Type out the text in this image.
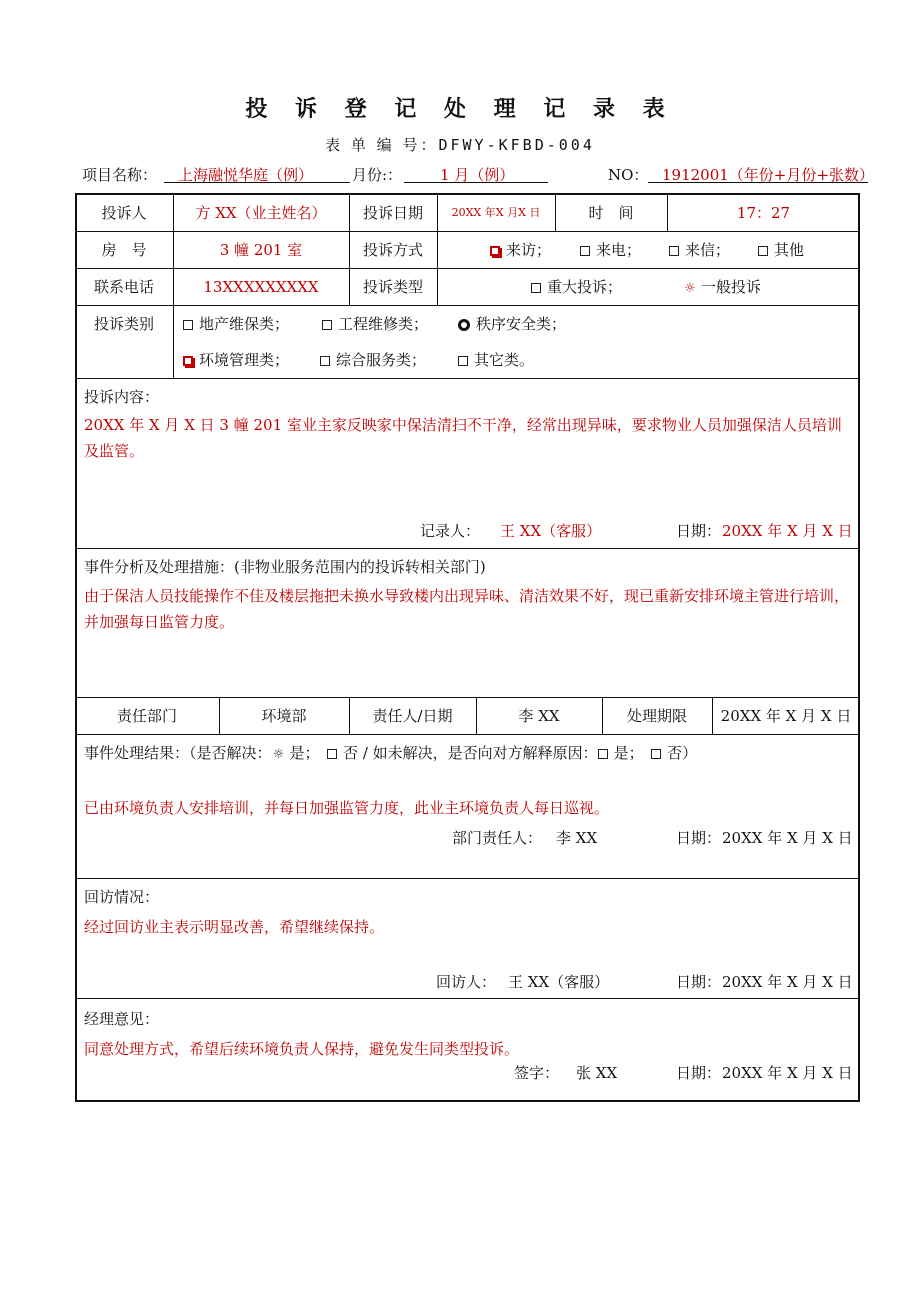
投 诉 登 记 处 理 记 录 表
表 单 编 号：DFWY-KFBD-004
项目名称： 上海融悦华庭（例）	月份:：	1 月（例）	NO： 1912001（年份+月份+张数）
投诉人	方 XX（业主姓名）	投诉日期	20XX 年X 月X 日	时　间	17：27
房　号	3 幢 201 室	投诉方式	来访；	来电；	来信；	其他
联系电话	13XXXXXXXXX	投诉类型	重大投诉；	☼ 一般投诉
投诉类别	地产维保类；	工程维修类；	秩序安全类；
环境管理类；	综合服务类；	其它类。
投诉内容：
20XX 年 X 月 X 日 3 幢 201 室业主家反映家中保洁清扫不干净，经常出现异味，要求物业人员加强保洁人员培训及监管。
记录人： 王 XX（客服）	日期： 20XX 年 X 月 X 日
事件分析及处理措施：(非物业服务范围内的投诉转相关部门)
由于保洁人员技能操作不佳及楼层拖把未换水导致楼内出现异味、清洁效果不好，现已重新安排环境主管进行培训，并加强每日监管力度。
责任部门	环境部	责任人/日期	李 XX	处理期限	20XX 年 X 月 X 日
事件处理结果：（是否解决：☼ 是；　 否 / 如未解决，是否向对方解释原因： 是；　 否）
已由环境负责人安排培训，并每日加强监管力度，此业主环境负责人每日巡视。
部门责任人： 李 XX	日期： 20XX 年 X 月 X 日
回访情况：
经过回访业主表示明显改善，希望继续保持。
回访人： 王 XX（客服）	日期： 20XX 年 X 月 X 日
经理意见：
同意处理方式，希望后续环境负责人保持，避免发生同类型投诉。
签字： 张 XX	日期： 20XX 年 X 月 X 日
